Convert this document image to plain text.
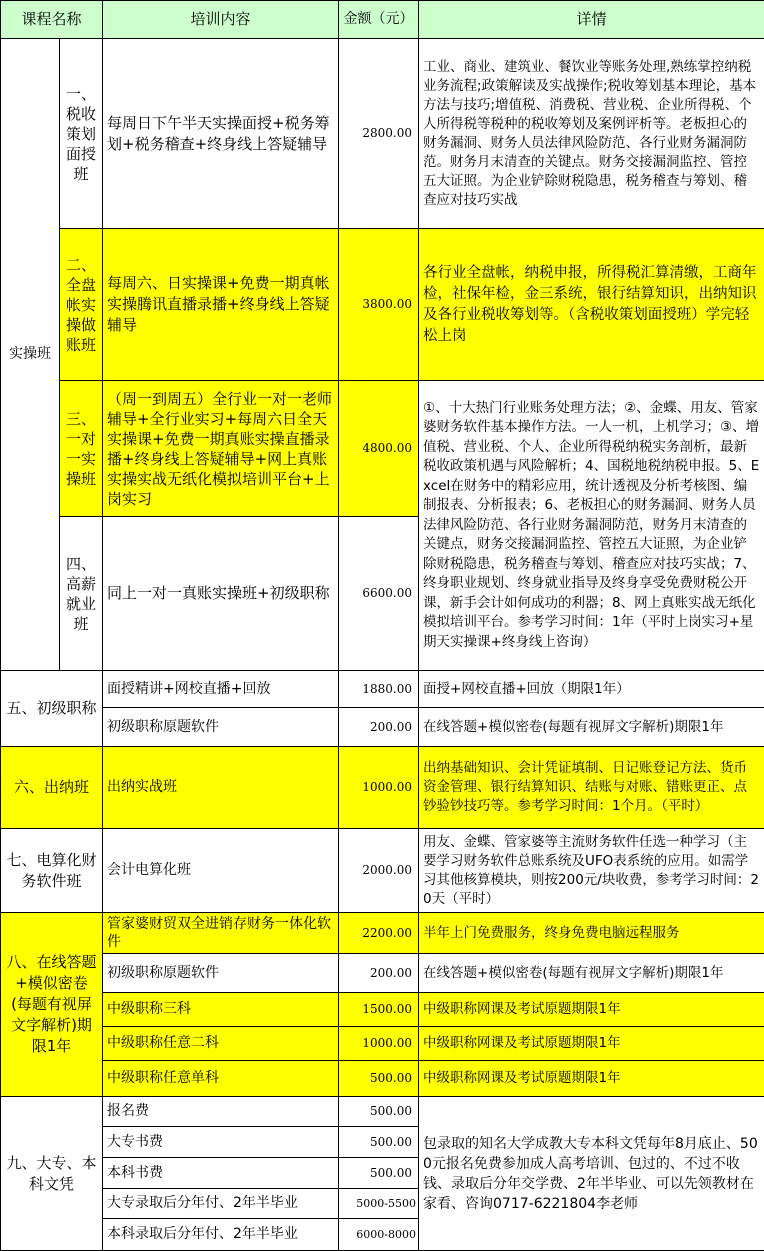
课程名称		培训内容	金额（元）	详情
实操班	一、税收策划面授班	每周日下午半天实操面授+税务筹划+税务稽查+终身线上答疑辅导	2800.00	工业、商业、建筑业、餐饮业等账务处理,熟练掌控纳税业务流程;政策解读及实战操作;税收筹划基本理论，基本方法与技巧;增值税、消费税、营业税、企业所得税、个人所得税等税种的税收筹划及案例评析等。老板担心的财务漏洞、财务人员法律风险防范、各行业财务漏洞防范。财务月末清查的关键点。财务交接漏洞监控、管控五大证照。为企业铲除财税隐患，税务稽查与筹划、稽查应对技巧实战
	二、全盘帐实操做账班	每周六、日实操课+免费一期真帐实操腾讯直播录播+终身线上答疑辅导	3800.00	各行业全盘帐，纳税申报，所得税汇算清缴，工商年检，社保年检，金三系统，银行结算知识，出纳知识及各行业税收筹划等。（含税收策划面授班）学完轻松上岗
	三、一对一实操班	（周一到周五）全行业一对一老师辅导+全行业实习+每周六日全天实操课+免费一期真账实操直播录播+终身线上答疑辅导+网上真账实操实战无纸化模拟培训平台+上岗实习	4800.00	①、十大热门行业账务处理方法；②、金蝶、用友、管家婆财务软件基本操作方法。一人一机，上机学习；③、增值税、营业税、个人、企业所得税纳税实务剖析，最新税收政策机遇与风险解析；4、国税地税纳税申报。5、Excel在财务中的精彩应用，统计透视及分析考核图、编制报表、分析报表；6、老板担心的财务漏洞、财务人员法律风险防范、各行业财务漏洞防范，财务月末清查的关键点，财务交接漏洞监控、管控五大证照，为企业铲除财税隐患，税务稽查与筹划、稽查应对技巧实战；7、终身职业规划、终身就业指导及终身享受免费财税公开课，新手会计如何成功的利器；8、网上真账实战无纸化模拟培训平台。参考学习时间：1年（平时上岗实习+星期天实操课+终身线上咨询）
	四、高薪就业班	同上一对一真账实操班+初级职称	6600.00	
五、初级职称		面授精讲+网校直播+回放	1880.00	面授+网校直播+回放（期限1年）
		初级职称原题软件	200.00	在线答题+模似密卷(每题有视屏文字解析)期限1年
六、出纳班		出纳实战班	1000.00	出纳基础知识、会计凭证填制、日记账登记方法、货币资金管理、银行结算知识、结账与对账、错账更正、点钞验钞技巧等。参考学习时间：1个月。（平时）
七、电算化财务软件班		会计电算化班	2000.00	用友、金蝶、管家婆等主流财务软件任选一种学习（主要学习财务软件总账系统及UFO表系统的应用。如需学习其他核算模块，则按200元/块收费，参考学习时间：20天（平时）
八、在线答题+模似密卷(每题有视屏文字解析)期限1年		管家婆财贸双全进销存财务一体化软件	2200.00	半年上门免费服务，终身免费电脑远程服务
		初级职称原题软件	200.00	在线答题+模似密卷(每题有视屏文字解析)期限1年
		中级职称三科	1500.00	中级职称网课及考试原题期限1年
		中级职称任意二科	1000.00	中级职称网课及考试原题期限1年
		中级职称任意单科	500.00	中级职称网课及考试原题期限1年
九、大专、本科文凭		报名费	500.00	包录取的知名大学成教大专本科文凭每年8月底止、500元报名免费参加成人高考培训、包过的、不过不收钱、录取后分年交学费、2年半毕业、可以先领教材在家看、咨询0717-6221804李老师
		大专书费	500.00	
		本科书费	500.00	
		大专录取后分年付、2年半毕业	5000-5500	
		本科录取后分年付、2年半毕业	6000-8000	
